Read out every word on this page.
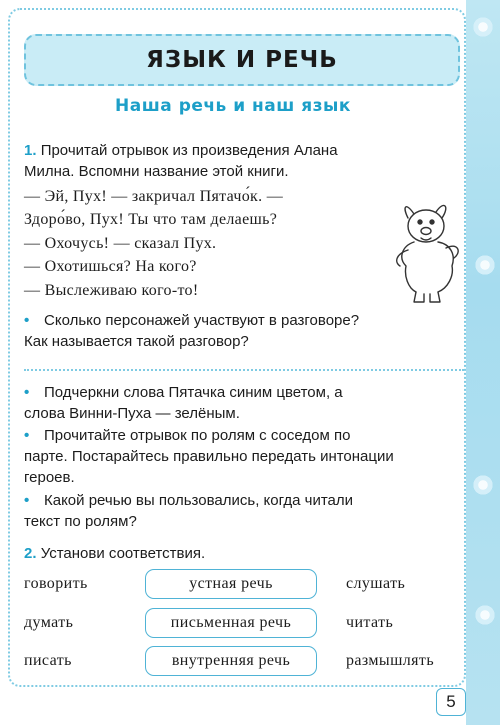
ЯЗЫК И РЕЧЬ
Наша речь и наш язык
1. Прочитай отрывок из произведения Алана
Милна. Вспомни название этой книги.
— Эй, Пух! — закричал Пятачо́к. —
Здоро́во, Пух! Ты что там делаешь?
— Охочусь! — сказал Пух.
— Охотишься? На кого?
— Выслеживаю кого-то!
• Сколько персонажей участвуют в разговоре?
Как называется такой разговор?
• Подчеркни слова Пятачка синим цветом, а
слова Винни-Пуха — зелёным.
• Прочитайте отрывок по ролям с соседом по
парте. Постарайтесь правильно передать интонации
героев.
• Какой речью вы пользовались, когда читали
текст по ролям?
2. Установи соответствия.
говорить
думать
писать
устная речь
письменная речь
внутренняя речь
слушать
читать
размышлять
5
